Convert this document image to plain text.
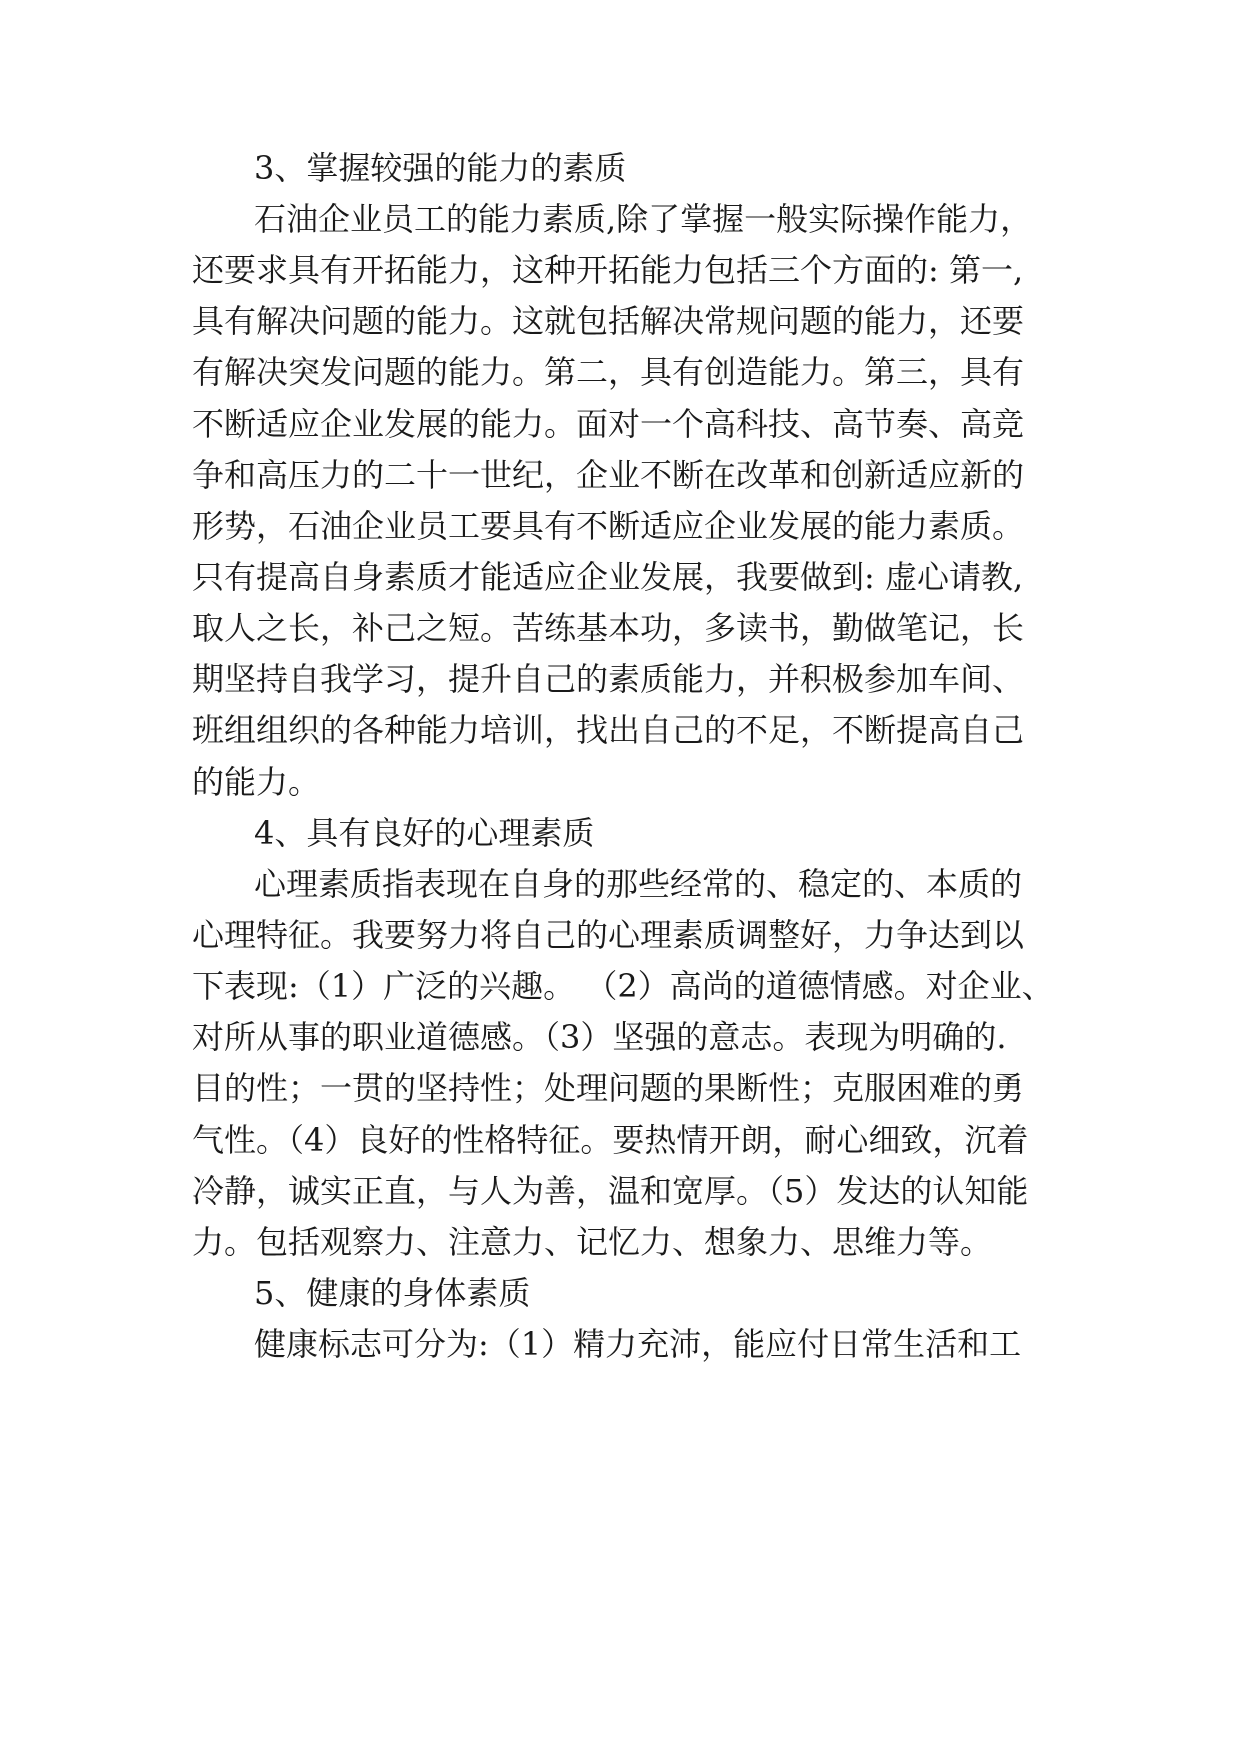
3、掌握较强的能力的素质
石油企业员工的能力素质,除了掌握一般实际操作能力，
还要求具有开拓能力，这种开拓能力包括三个方面的: 第一,
具有解决问题的能力。这就包括解决常规问题的能力，还要
有解决突发问题的能力。第二，具有创造能力。第三，具有
不断适应企业发展的能力。面对一个高科技、高节奏、高竞
争和高压力的二十一世纪，企业不断在改革和创新适应新的
形势，石油企业员工要具有不断适应企业发展的能力素质。
只有提高自身素质才能适应企业发展，我要做到: 虚心请教,
取人之长，补己之短。苦练基本功，多读书，勤做笔记，长
期坚持自我学习，提升自己的素质能力，并积极参加车间、
班组组织的各种能力培训，找出自己的不足，不断提高自己
的能力。
4、具有良好的心理素质
心理素质指表现在自身的那些经常的、稳定的、本质的
心理特征。我要努力将自己的心理素质调整好，力争达到以
下表现:（1）广泛的兴趣。 （2）高尚的道德情感。对企业、
对所从事的职业道德感。（3）坚强的意志。表现为明确的.
目的性；一贯的坚持性；处理问题的果断性；克服困难的勇
气性。（4）良好的性格特征。要热情开朗，耐心细致，沉着
冷静，诚实正直，与人为善，温和宽厚。（5）发达的认知能
力。包括观察力、注意力、记忆力、想象力、思维力等。
5、健康的身体素质
健康标志可分为:（1）精力充沛，能应付日常生活和工
